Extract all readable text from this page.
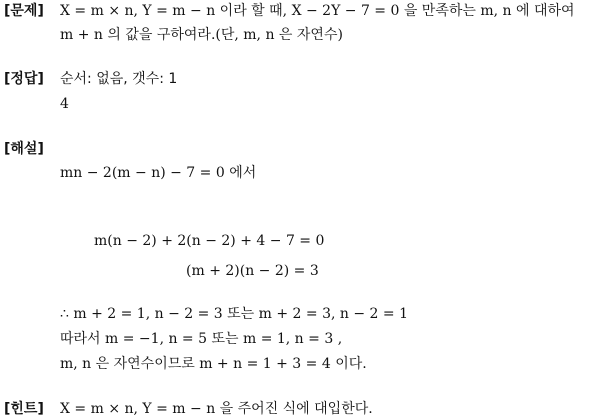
[문제] X = m × n, Y = m − n 이라 할 때, X − 2Y − 7 = 0 을 만족하는 m, n 에 대하여
m + n 의 값을 구하여라.(단, m, n 은 자연수)
[정답] 순서: 없음, 갯수: 1
4
[해설]
mn − 2(m − n) − 7 = 0 에서
m(n − 2) + 2(n − 2) + 4 − 7 = 0
(m + 2)(n − 2) = 3
∴ m + 2 = 1, n − 2 = 3 또는 m + 2 = 3, n − 2 = 1
따라서 m = −1, n = 5 또는 m = 1, n = 3 ,
m, n 은 자연수이므로 m + n = 1 + 3 = 4 이다.
[힌트] X = m × n, Y = m − n 을 주어진 식에 대입한다.
